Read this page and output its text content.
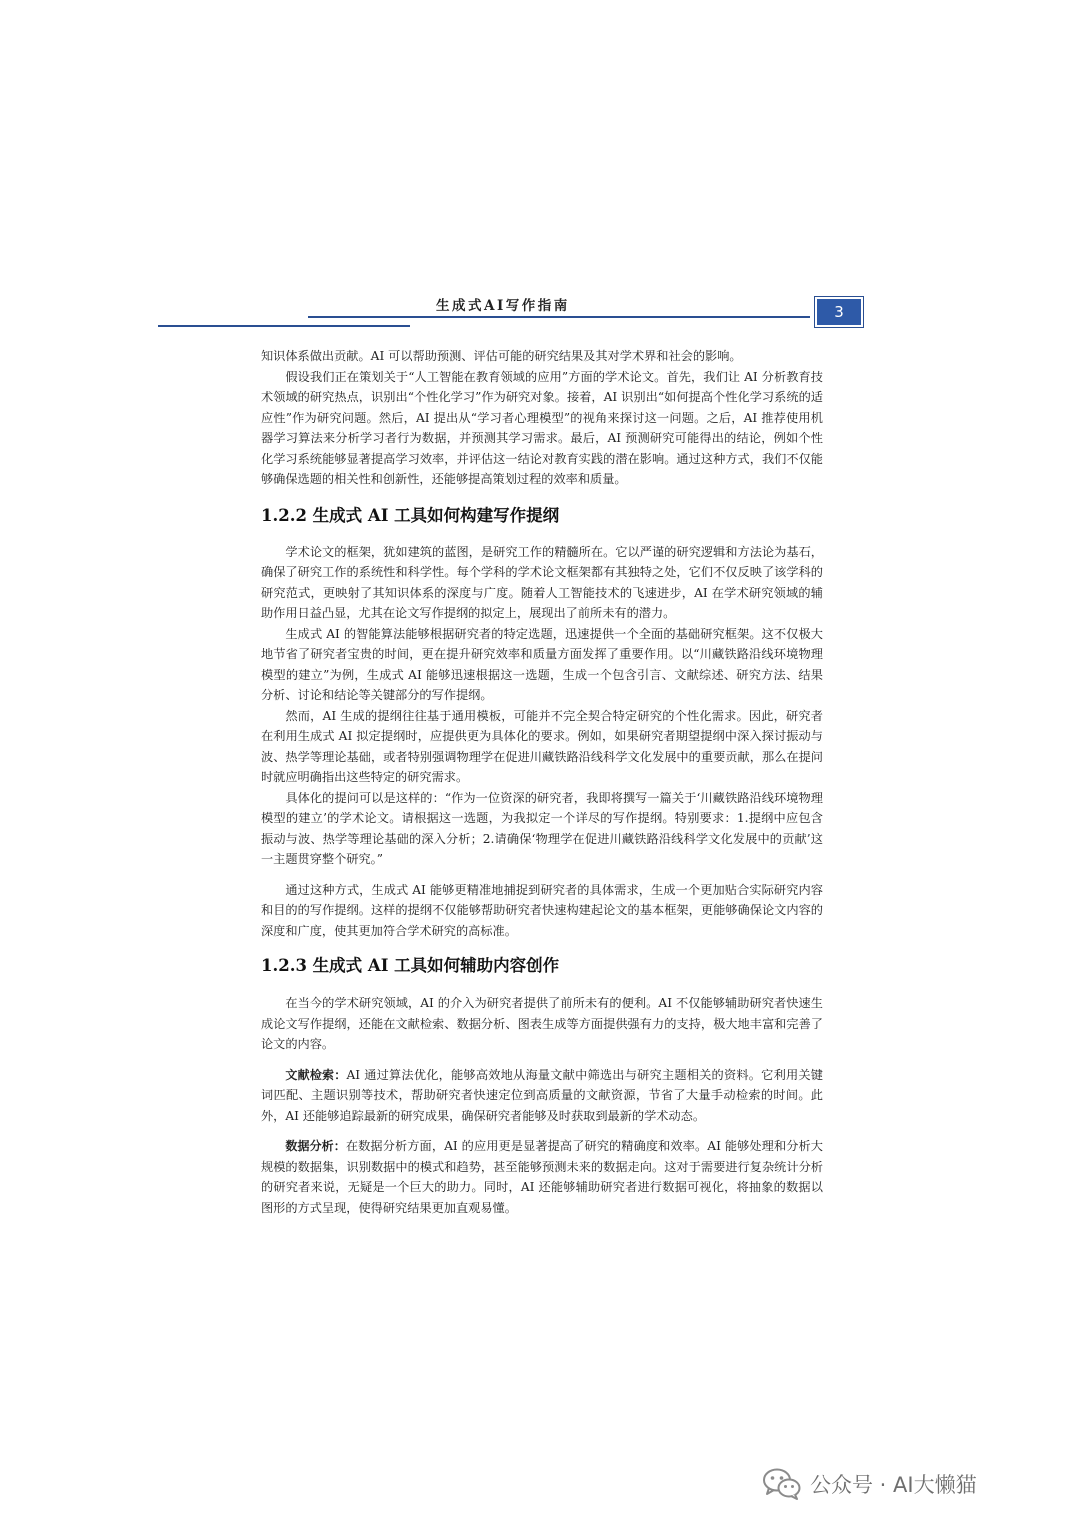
生成式AI写作指南	3

知识体系做出贡献。AI 可以帮助预测、评估可能的研究结果及其对学术界和社会的影响。

假设我们正在策划关于“人工智能在教育领域的应用”方面的学术论文。首先，我们让 AI 分析教育技术领域的研究热点，识别出“个性化学习”作为研究对象。接着，AI 识别出“如何提高个性化学习系统的适应性”作为研究问题。然后，AI 提出从“学习者心理模型”的视角来探讨这一问题。之后，AI 推荐使用机器学习算法来分析学习者行为数据，并预测其学习需求。最后，AI 预测研究可能得出的结论，例如个性化学习系统能够显著提高学习效率，并评估这一结论对教育实践的潜在影响。通过这种方式，我们不仅能够确保选题的相关性和创新性，还能够提高策划过程的效率和质量。

1.2.2 生成式 AI 工具如何构建写作提纲

学术论文的框架，犹如建筑的蓝图，是研究工作的精髓所在。它以严谨的研究逻辑和方法论为基石，确保了研究工作的系统性和科学性。每个学科的学术论文框架都有其独特之处，它们不仅反映了该学科的研究范式，更映射了其知识体系的深度与广度。随着人工智能技术的飞速进步，AI 在学术研究领域的辅助作用日益凸显，尤其在论文写作提纲的拟定上，展现出了前所未有的潜力。

生成式 AI 的智能算法能够根据研究者的特定选题，迅速提供一个全面的基础研究框架。这不仅极大地节省了研究者宝贵的时间，更在提升研究效率和质量方面发挥了重要作用。以“川藏铁路沿线环境物理模型的建立”为例，生成式 AI 能够迅速根据这一选题，生成一个包含引言、文献综述、研究方法、结果分析、讨论和结论等关键部分的写作提纲。

然而，AI 生成的提纲往往基于通用模板，可能并不完全契合特定研究的个性化需求。因此，研究者在利用生成式 AI 拟定提纲时，应提供更为具体化的要求。例如，如果研究者期望提纲中深入探讨振动与波、热学等理论基础，或者特别强调物理学在促进川藏铁路沿线科学文化发展中的重要贡献，那么在提问时就应明确指出这些特定的研究需求。

具体化的提问可以是这样的：“作为一位资深的研究者，我即将撰写一篇关于‘川藏铁路沿线环境物理模型的建立’的学术论文。请根据这一选题，为我拟定一个详尽的写作提纲。特别要求：1.提纲中应包含振动与波、热学等理论基础的深入分析；2.请确保‘物理学在促进川藏铁路沿线科学文化发展中的贡献’这一主题贯穿整个研究。”

通过这种方式，生成式 AI 能够更精准地捕捉到研究者的具体需求，生成一个更加贴合实际研究内容和目的的写作提纲。这样的提纲不仅能够帮助研究者快速构建起论文的基本框架，更能够确保论文内容的深度和广度，使其更加符合学术研究的高标准。

1.2.3 生成式 AI 工具如何辅助内容创作

在当今的学术研究领域，AI 的介入为研究者提供了前所未有的便利。AI 不仅能够辅助研究者快速生成论文写作提纲，还能在文献检索、数据分析、图表生成等方面提供强有力的支持，极大地丰富和完善了论文的内容。

文献检索：AI 通过算法优化，能够高效地从海量文献中筛选出与研究主题相关的资料。它利用关键词匹配、主题识别等技术，帮助研究者快速定位到高质量的文献资源，节省了大量手动检索的时间。此外，AI 还能够追踪最新的研究成果，确保研究者能够及时获取到最新的学术动态。

数据分析：在数据分析方面，AI 的应用更是显著提高了研究的精确度和效率。AI 能够处理和分析大规模的数据集，识别数据中的模式和趋势，甚至能够预测未来的数据走向。这对于需要进行复杂统计分析的研究者来说，无疑是一个巨大的助力。同时，AI 还能够辅助研究者进行数据可视化，将抽象的数据以图形的方式呈现，使得研究结果更加直观易懂。

公众号 · AI大懒猫
